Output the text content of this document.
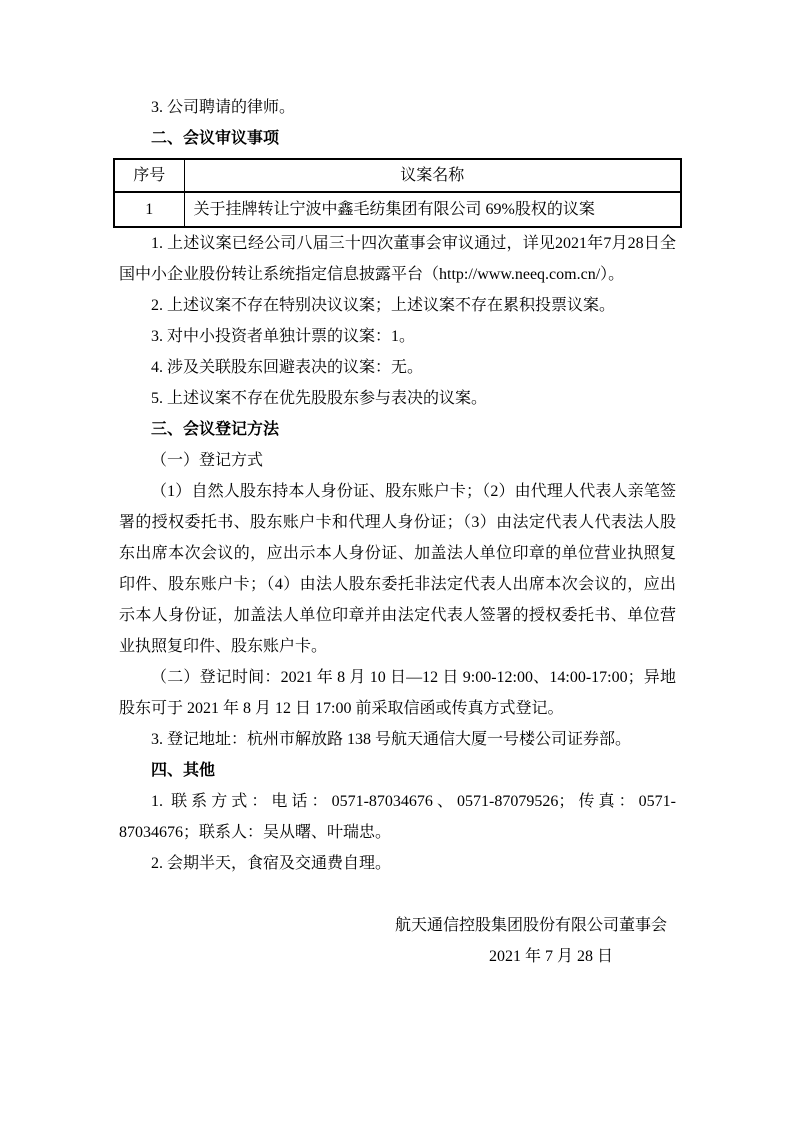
3. 公司聘请的律师。

二、会议审议事项
序号	议案名称
1	关于挂牌转让宁波中鑫毛纺集团有限公司 69%股权的议案

1. 上述议案已经公司八届三十四次董事会审议通过，详见2021年7月28日全国中小企业股份转让系统指定信息披露平台（http://www.neeq.com.cn/）。

2. 上述议案不存在特别决议议案；上述议案不存在累积投票议案。

3. 对中小投资者单独计票的议案：1。

4. 涉及关联股东回避表决的议案：无。

5. 上述议案不存在优先股股东参与表决的议案。

三、会议登记方法

（一）登记方式

（1）自然人股东持本人身份证、股东账户卡；（2）由代理人代表人亲笔签署的授权委托书、股东账户卡和代理人身份证；（3）由法定代表人代表法人股东出席本次会议的，应出示本人身份证、加盖法人单位印章的单位营业执照复印件、股东账户卡；（4）由法人股东委托非法定代表人出席本次会议的，应出示本人身份证，加盖法人单位印章并由法定代表人签署的授权委托书、单位营业执照复印件、股东账户卡。

（二）登记时间：2021 年 8 月 10 日—12 日 9:00-12:00、14:00-17:00；异地股东可于 2021 年 8 月 12 日 17:00 前采取信函或传真方式登记。

3. 登记地址：杭州市解放路 138 号航天通信大厦一号楼公司证券部。

四、其他

1. 联系方式：电话：0571-87034676、0571-87079526；传真：0571-87034676；联系人：吴从曙、叶瑞忠。

2. 会期半天，食宿及交通费自理。

航天通信控股集团股份有限公司董事会
2021 年 7 月 28 日
